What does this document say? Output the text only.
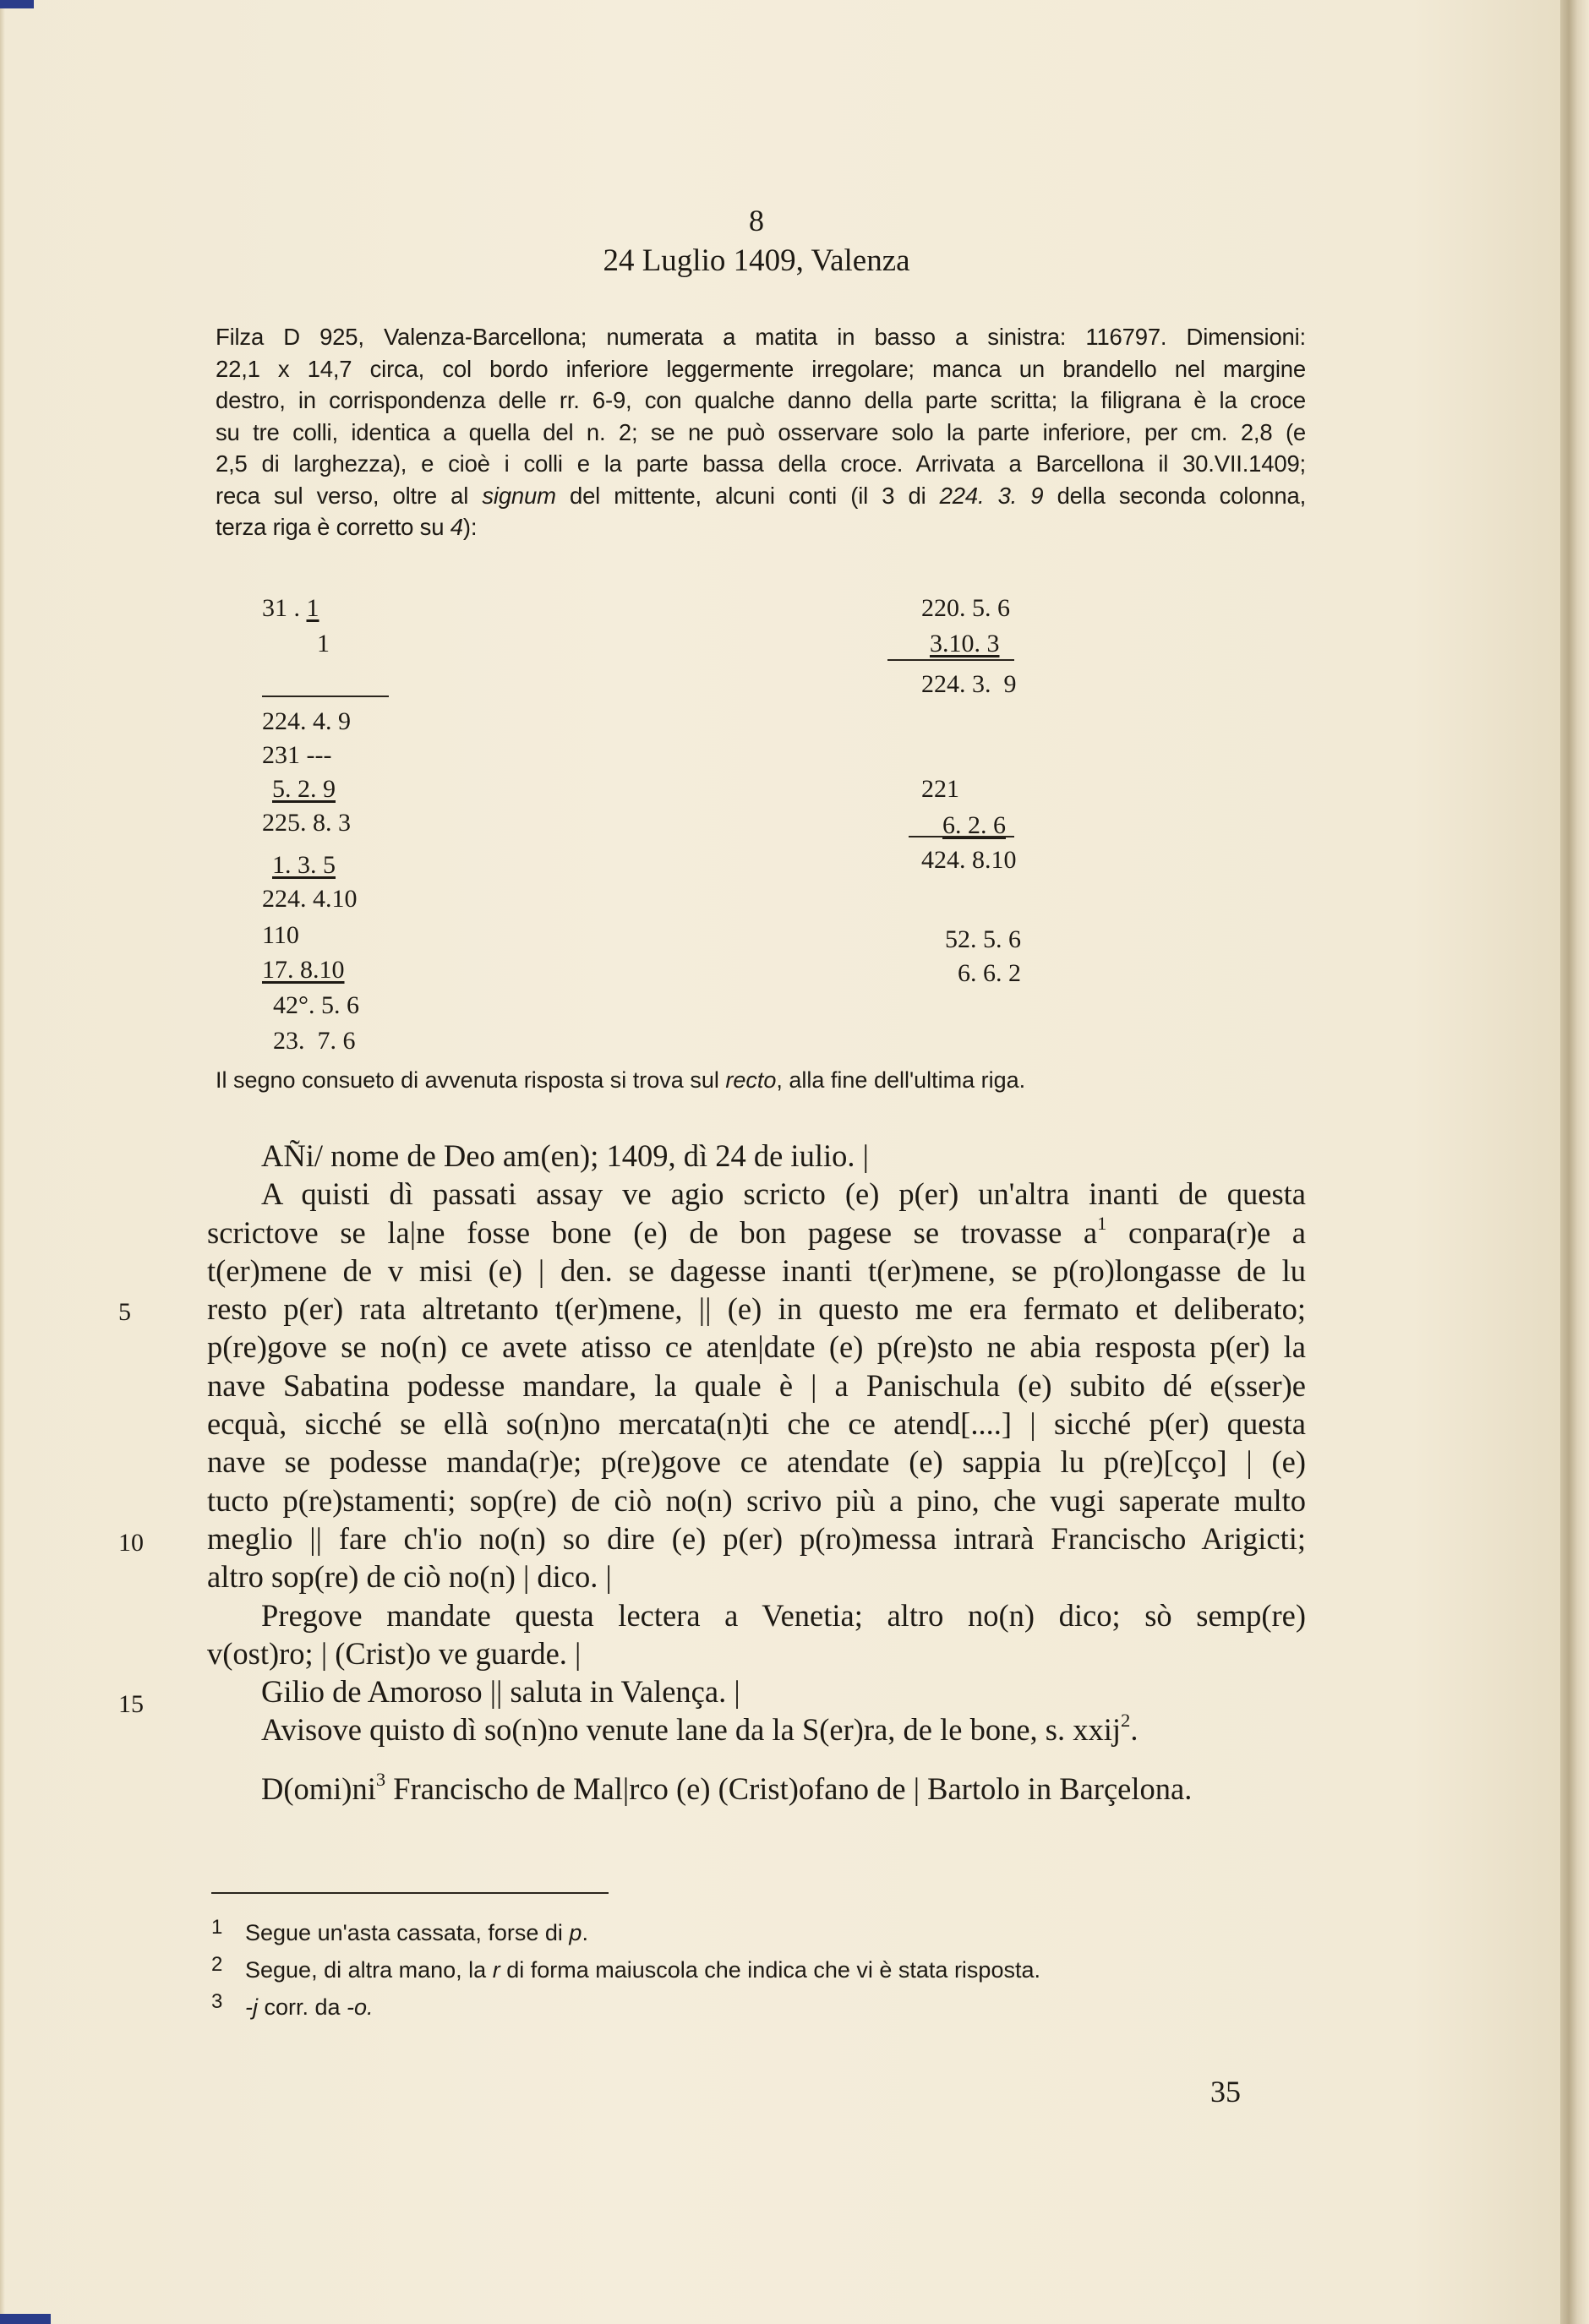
8
24 Luglio 1409, Valenza
Filza D 925, Valenza-Barcellona; numerata a matita in basso a sinistra: 116797. Dimensioni:
22,1 x 14,7 circa, col bordo inferiore leggermente irregolare; manca un brandello nel margine
destro, in corrispondenza delle rr. 6-9, con qualche danno della parte scritta; la filigrana è la croce
su tre colli, identica a quella del n. 2; se ne può osservare solo la parte inferiore, per cm. 2,8 (e
2,5 di larghezza), e cioè i colli e la parte bassa della croce. Arrivata a Barcellona il 30.VII.1409;
reca sul verso, oltre al signum del mittente, alcuni conti (il 3 di 224. 3. 9 della seconda colonna,
terza riga è corretto su 4):
31 . 1
1
224. 4. 9
231 ---
5. 2. 9
225. 8. 3
1. 3. 5
224. 4.10
110
17. 8.10
42°. 5. 6
23.  7. 6
220. 5. 6
3.10. 3
224. 3.  9
221
6. 2. 6
424. 8.10
52. 5. 6
6. 6. 2
Il segno consueto di avvenuta risposta si trova sul recto, alla fine dell'ultima riga.
AÑi/ nome de Deo am(en); 1409, dì 24 de iulio. |
A quisti dì passati assay ve agio scricto (e) p(er) un'altra inanti de questa
scrictove se la|ne fosse bone (e) de bon pagese se trovasse $a^1$ conpara(r)e a
t(er)mene de v misi (e) | den. se dagesse inanti t(er)mene, se p(ro)longasse de lu
resto p(er) rata altretanto t(er)mene, || (e) in questo me era fermato et deliberato;
p(re)gove se no(n) ce avete atisso ce aten|date (e) p(re)sto ne abia resposta p(er) la
nave Sabatina podesse mandare, la quale è | a Panischula (e) subito dé e(sser)e
ecquà, sicché se ellà so(n)no mercata(n)ti che ce atend[....] | sicché p(er) questa
nave se podesse manda(r)e; p(re)gove ce atendate (e) sappia lu p(re)[cço] | (e)
tucto p(re)stamenti; sop(re) de ciò no(n) scrivo più a pino, che vugi saperate multo
meglio || fare ch'io no(n) so dire (e) p(er) p(ro)messa intrarà Francischo Arigicti;
altro sop(re) de ciò no(n) | dico. |
Pregove mandate questa lectera a Venetia; altro no(n) dico; sò semp(re)
v(ost)ro; | (Crist)o ve guarde. |
Gilio de Amoroso || saluta in Valença. |
Avisove quisto dì so(n)no venute lane da la S(er)ra, de le bone, s. xxij$^2$.
$D(omi)ni^3$ Francischo de Mal|rco (e) (Crist)ofano de | Bartolo in Barçelona.
5
10
15
1 Segue un'asta cassata, forse di p.
2 Segue, di altra mano, la r di forma maiuscola che indica che vi è stata risposta.
3 -j corr. da -o.
35
